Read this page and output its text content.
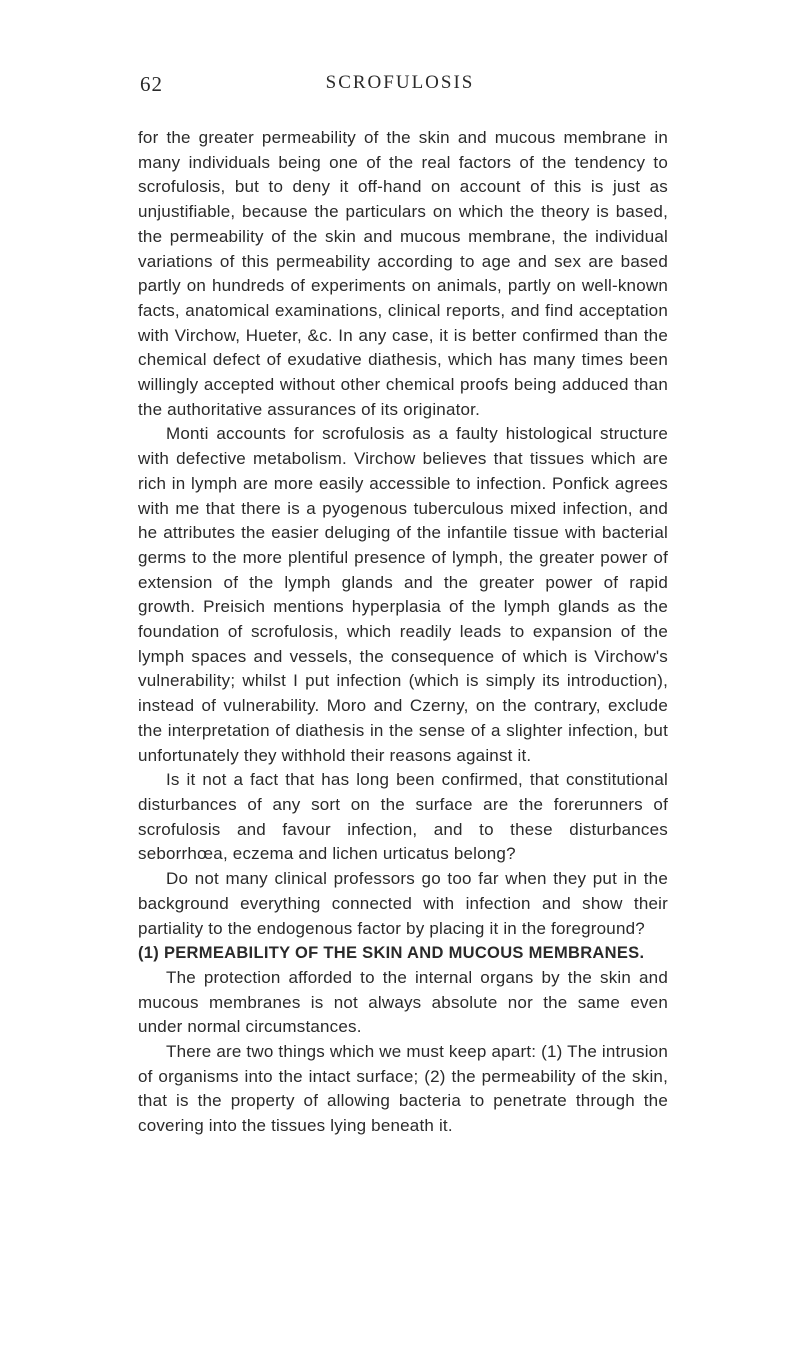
62	SCROFULOSIS

for the greater permeability of the skin and mucous membrane in many individuals being one of the real factors of the tendency to scrofulosis, but to deny it off-hand on account of this is just as unjustifiable, because the particulars on which the theory is based, the permeability of the skin and mucous membrane, the individual variations of this permeability according to age and sex are based partly on hundreds of experiments on animals, partly on well-known facts, anatomical examinations, clinical reports, and find acceptation with Virchow, Hueter, &c. In any case, it is better confirmed than the chemical defect of exudative diathesis, which has many times been willingly accepted without other chemical proofs being adduced than the authoritative assurances of its originator.

Monti accounts for scrofulosis as a faulty histological structure with defective metabolism. Virchow believes that tissues which are rich in lymph are more easily accessible to infection. Ponfick agrees with me that there is a pyogenous tuberculous mixed infection, and he attributes the easier deluging of the infantile tissue with bacterial germs to the more plentiful presence of lymph, the greater power of extension of the lymph glands and the greater power of rapid growth. Preisich mentions hyperplasia of the lymph glands as the foundation of scrofulosis, which readily leads to expansion of the lymph spaces and vessels, the consequence of which is Virchow's vulnerability; whilst I put infection (which is simply its introduction), instead of vulnerability. Moro and Czerny, on the contrary, exclude the interpretation of diathesis in the sense of a slighter infection, but unfortunately they withhold their reasons against it.

Is it not a fact that has long been confirmed, that constitutional disturbances of any sort on the surface are the forerunners of scrofulosis and favour infection, and to these disturbances seborrhœa, eczema and lichen urticatus belong?

Do not many clinical professors go too far when they put in the background everything connected with infection and show their partiality to the endogenous factor by placing it in the foreground?

(1) PERMEABILITY OF THE SKIN AND MUCOUS MEMBRANES.

The protection afforded to the internal organs by the skin and mucous membranes is not always absolute nor the same even under normal circumstances.

There are two things which we must keep apart: (1) The intrusion of organisms into the intact surface; (2) the permeability of the skin, that is the property of allowing bacteria to penetrate through the covering into the tissues lying beneath it.
